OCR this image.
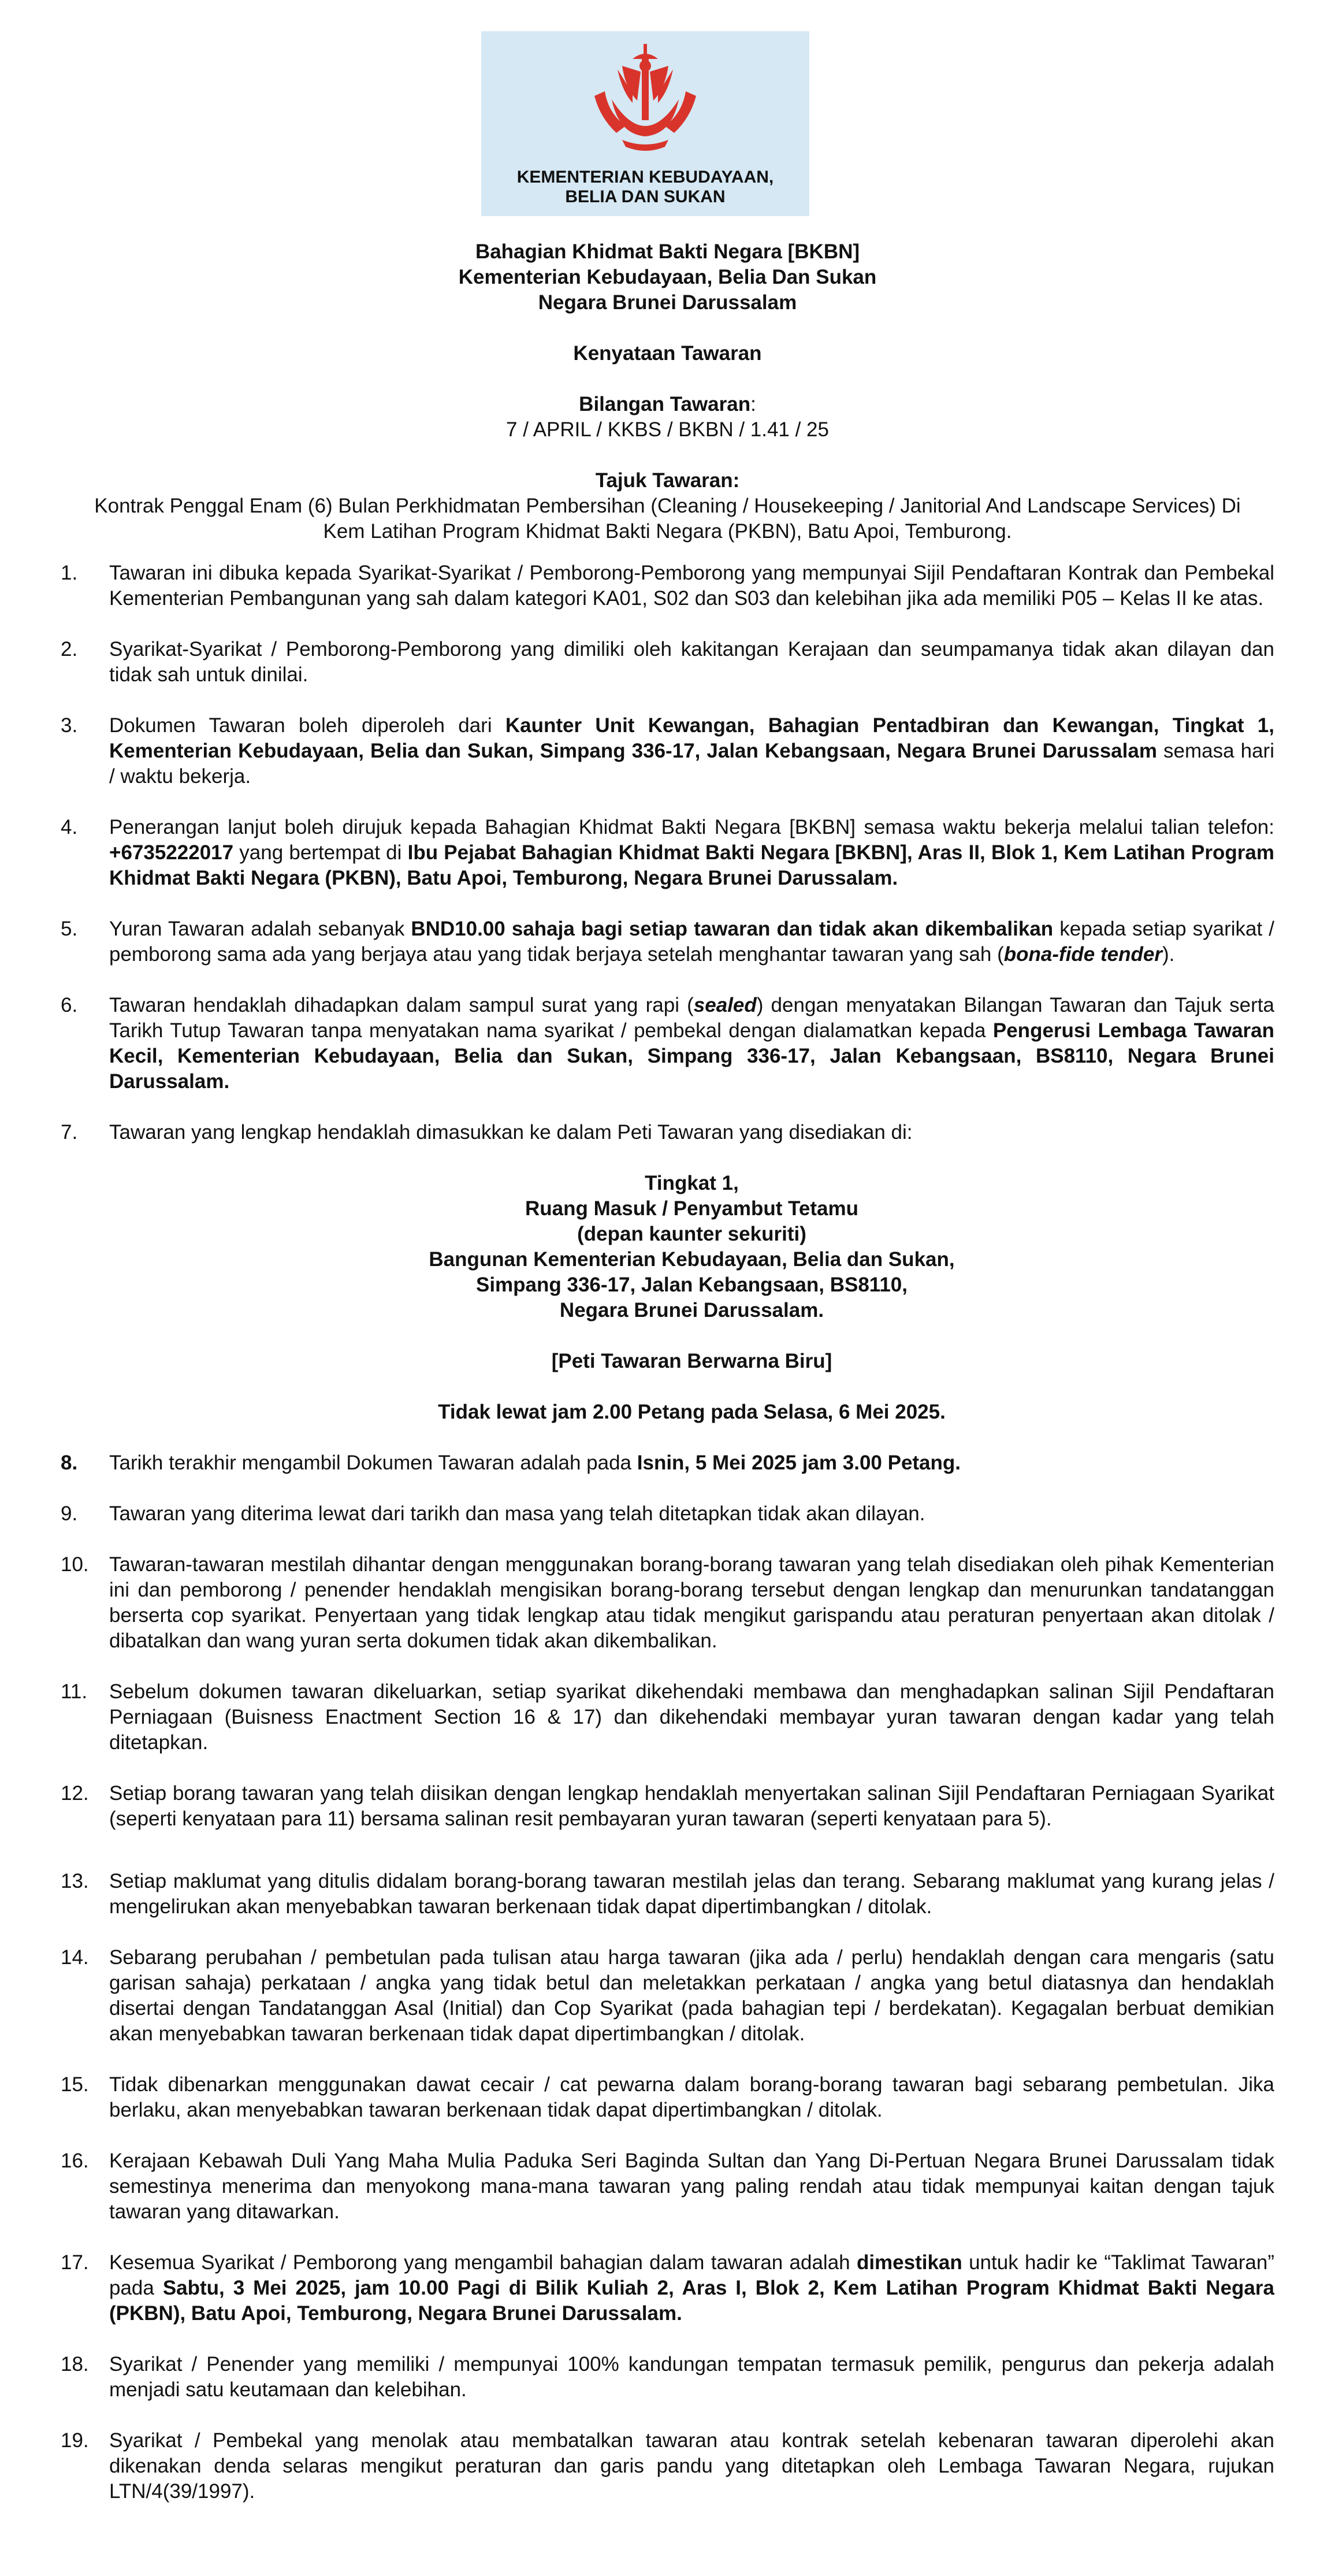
KEMENTERIAN KEBUDAYAAN,
BELIA DAN SUKAN
Bahagian Khidmat Bakti Negara [BKBN]
Kementerian Kebudayaan, Belia Dan Sukan
Negara Brunei Darussalam
Kenyataan Tawaran
Bilangan Tawaran:
7 / APRIL / KKBS / BKBN / 1.41 / 25
Tajuk Tawaran:
Kontrak Penggal Enam (6) Bulan Perkhidmatan Pembersihan (Cleaning / Housekeeping / Janitorial And Landscape Services) Di
Kem Latihan Program Khidmat Bakti Negara (PKBN), Batu Apoi, Temburong.
1.	Tawaran ini dibuka kepada Syarikat-Syarikat / Pemborong-Pemborong yang mempunyai Sijil Pendaftaran Kontrak dan Pembekal Kementerian Pembangunan yang sah dalam kategori KA01, S02 dan S03 dan kelebihan jika ada memiliki P05 – Kelas II ke atas.
2.	Syarikat-Syarikat / Pemborong-Pemborong yang dimiliki oleh kakitangan Kerajaan dan seumpamanya tidak akan dilayan dan tidak sah untuk dinilai.
3.	Dokumen Tawaran boleh diperoleh dari Kaunter Unit Kewangan, Bahagian Pentadbiran dan Kewangan, Tingkat 1, Kementerian Kebudayaan, Belia dan Sukan, Simpang 336-17, Jalan Kebangsaan, Negara Brunei Darussalam semasa hari / waktu bekerja.
4.	Penerangan lanjut boleh dirujuk kepada Bahagian Khidmat Bakti Negara [BKBN] semasa waktu bekerja melalui talian telefon: +6735222017 yang bertempat di Ibu Pejabat Bahagian Khidmat Bakti Negara [BKBN], Aras II, Blok 1, Kem Latihan Program Khidmat Bakti Negara (PKBN), Batu Apoi, Temburong, Negara Brunei Darussalam.
5.	Yuran Tawaran adalah sebanyak BND10.00 sahaja bagi setiap tawaran dan tidak akan dikembalikan kepada setiap syarikat / pemborong sama ada yang berjaya atau yang tidak berjaya setelah menghantar tawaran yang sah (bona-fide tender).
6.	Tawaran hendaklah dihadapkan dalam sampul surat yang rapi (sealed) dengan menyatakan Bilangan Tawaran dan Tajuk serta Tarikh Tutup Tawaran tanpa menyatakan nama syarikat / pembekal dengan dialamatkan kepada Pengerusi Lembaga Tawaran Kecil, Kementerian Kebudayaan, Belia dan Sukan, Simpang 336-17, Jalan Kebangsaan, BS8110, Negara Brunei Darussalam.
7.	Tawaran yang lengkap hendaklah dimasukkan ke dalam Peti Tawaran yang disediakan di:
Tingkat 1,
Ruang Masuk / Penyambut Tetamu
(depan kaunter sekuriti)
Bangunan Kementerian Kebudayaan, Belia dan Sukan,
Simpang 336-17, Jalan Kebangsaan, BS8110,
Negara Brunei Darussalam.
[Peti Tawaran Berwarna Biru]
Tidak lewat jam 2.00 Petang pada Selasa, 6 Mei 2025.
8.	Tarikh terakhir mengambil Dokumen Tawaran adalah pada Isnin, 5 Mei 2025 jam 3.00 Petang.
9.	Tawaran yang diterima lewat dari tarikh dan masa yang telah ditetapkan tidak akan dilayan.
10.	Tawaran-tawaran mestilah dihantar dengan menggunakan borang-borang tawaran yang telah disediakan oleh pihak Kementerian ini dan pemborong / penender hendaklah mengisikan borang-borang tersebut dengan lengkap dan menurunkan tandatanggan berserta cop syarikat. Penyertaan yang tidak lengkap atau tidak mengikut garispandu atau peraturan penyertaan akan ditolak / dibatalkan dan wang yuran serta dokumen tidak akan dikembalikan.
11.	Sebelum dokumen tawaran dikeluarkan, setiap syarikat dikehendaki membawa dan menghadapkan salinan Sijil Pendaftaran Perniagaan (Buisness Enactment Section 16 & 17) dan dikehendaki membayar yuran tawaran dengan kadar yang telah ditetapkan.
12.	Setiap borang tawaran yang telah diisikan dengan lengkap hendaklah menyertakan salinan Sijil Pendaftaran Perniagaan Syarikat (seperti kenyataan para 11) bersama salinan resit pembayaran yuran tawaran (seperti kenyataan para 5).
13.	Setiap maklumat yang ditulis didalam borang-borang tawaran mestilah jelas dan terang. Sebarang maklumat yang kurang jelas / mengelirukan akan menyebabkan tawaran berkenaan tidak dapat dipertimbangkan / ditolak.
14.	Sebarang perubahan / pembetulan pada tulisan atau harga tawaran (jika ada / perlu) hendaklah dengan cara mengaris (satu garisan sahaja) perkataan / angka yang tidak betul dan meletakkan perkataan / angka yang betul diatasnya dan hendaklah disertai dengan Tandatanggan Asal (Initial) dan Cop Syarikat (pada bahagian tepi / berdekatan). Kegagalan berbuat demikian akan menyebabkan tawaran berkenaan tidak dapat dipertimbangkan / ditolak.
15.	Tidak dibenarkan menggunakan dawat cecair / cat pewarna dalam borang-borang tawaran bagi sebarang pembetulan. Jika berlaku, akan menyebabkan tawaran berkenaan tidak dapat dipertimbangkan / ditolak.
16.	Kerajaan Kebawah Duli Yang Maha Mulia Paduka Seri Baginda Sultan dan Yang Di-Pertuan Negara Brunei Darussalam tidak semestinya menerima dan menyokong mana-mana tawaran yang paling rendah atau tidak mempunyai kaitan dengan tajuk tawaran yang ditawarkan.
17.	Kesemua Syarikat / Pemborong yang mengambil bahagian dalam tawaran adalah dimestikan untuk hadir ke “Taklimat Tawaran” pada Sabtu, 3 Mei 2025, jam 10.00 Pagi di Bilik Kuliah 2, Aras I, Blok 2, Kem Latihan Program Khidmat Bakti Negara (PKBN), Batu Apoi, Temburong, Negara Brunei Darussalam.
18.	Syarikat / Penender yang memiliki / mempunyai 100% kandungan tempatan termasuk pemilik, pengurus dan pekerja adalah menjadi satu keutamaan dan kelebihan.
19.	Syarikat / Pembekal yang menolak atau membatalkan tawaran atau kontrak setelah kebenaran tawaran diperolehi akan dikenakan denda selaras mengikut peraturan dan garis pandu yang ditetapkan oleh Lembaga Tawaran Negara, rujukan LTN/4(39/1997).
